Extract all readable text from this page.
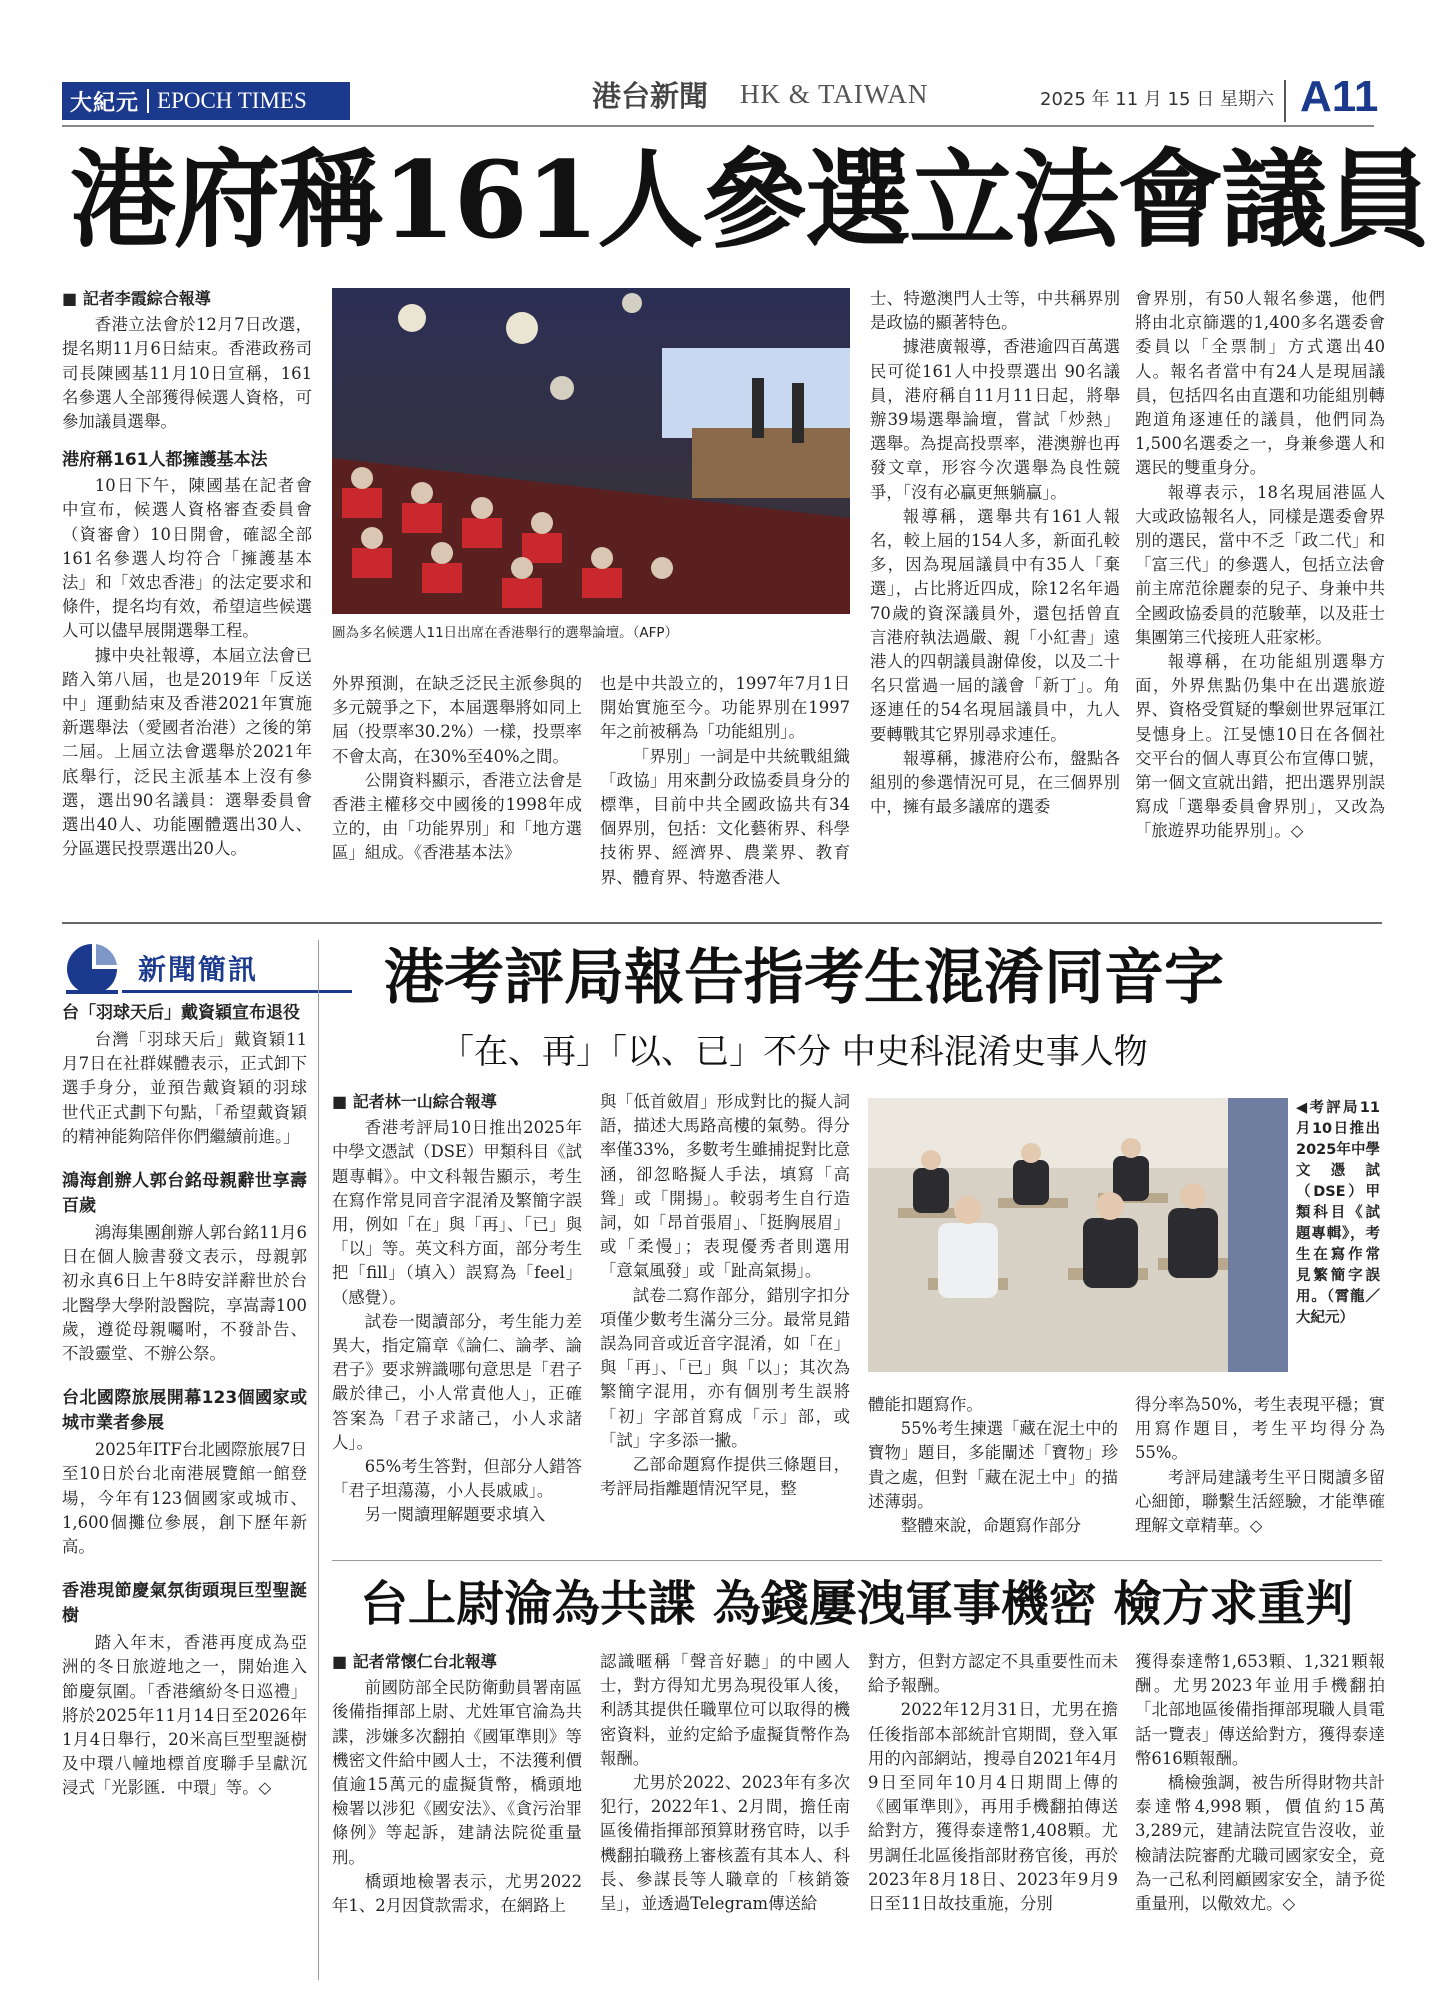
大紀元 EPOCH TIMES	港台新聞 HK & TAIWAN	2025 年 11 月 15 日 星期六 A11
港府稱161人參選立法會議員
■ 記者李霞綜合報導

香港立法會於12月7日改選，提名期11月6日結束。香港政務司司長陳國基11月10日宣稱，161名參選人全部獲得候選人資格，可參加議員選舉。

港府稱161人都擁護基本法

10日下午，陳國基在記者會中宣布，候選人資格審查委員會（資審會）10日開會，確認全部161名參選人均符合「擁護基本法」和「效忠香港」的法定要求和條件，提名均有效，希望這些候選人可以儘早展開選舉工程。

據中央社報導，本屆立法會已踏入第八屆，也是2019年「反送中」運動結束及香港2021年實施新選舉法（愛國者治港）之後的第二屆。上屆立法會選舉於2021年底舉行，泛民主派基本上沒有參選，選出90名議員：選舉委員會選出40人、功能團體選出30人、分區選民投票選出20人。

圖為多名候選人11日出席在香港舉行的選舉論壇。（AFP）

外界預測，在缺乏泛民主派參與的多元競爭之下，本屆選舉將如同上屆（投票率30.2%）一樣，投票率不會太高，在30%至40%之間。

公開資料顯示，香港立法會是香港主權移交中國後的1998年成立的，由「功能界別」和「地方選區」組成。《香港基本法》

也是中共設立的，1997年7月1日開始實施至今。功能界別在1997年之前被稱為「功能組別」。

「界別」一詞是中共統戰組織「政協」用來劃分政協委員身分的標準，目前中共全國政協共有34個界別，包括：文化藝術界、科學技術界、經濟界、農業界、教育界、體育界、特邀香港人

士、特邀澳門人士等，中共稱界別是政協的顯著特色。

據港廣報導，香港逾四百萬選民可從161人中投票選出 90名議員，港府稱自11月11日起，將舉辦39場選舉論壇，嘗試「炒熱」選舉。為提高投票率，港澳辦也再發文章，形容今次選舉為良性競爭，「沒有必贏更無躺贏」。

報導稱，選舉共有161人報名，較上屆的154人多，新面孔較多，因為現屆議員中有35人「棄選」，占比將近四成，除12名年過70歲的資深議員外，還包括曾直言港府執法過嚴、親「小紅書」遠港人的四朝議員謝偉俊，以及二十名只當過一屆的議會「新丁」。角逐連任的54名現屆議員中，九人要轉戰其它界別尋求連任。

報導稱，據港府公布，盤點各組別的參選情況可見，在三個界別中，擁有最多議席的選委

會界別，有50人報名參選，他們將由北京篩選的1,400多名選委會委員以「全票制」方式選出40人。報名者當中有24人是現屆議員，包括四名由直選和功能組別轉跑道角逐連任的議員，他們同為1,500名選委之一，身兼參選人和選民的雙重身分。

報導表示，18名現屆港區人大或政協報名人，同樣是選委會界別的選民，當中不乏「政二代」和「富三代」的參選人，包括立法會前主席范徐麗泰的兒子、身兼中共全國政協委員的范駿華，以及莊士集團第三代接班人莊家彬。

報導稱，在功能組別選舉方面，外界焦點仍集中在出選旅遊界、資格受質疑的擊劍世界冠軍江旻憓身上。江旻憓10日在各個社交平台的個人專頁公布宣傳口號，第一個文宣就出錯，把出選界別誤寫成「選舉委員會界別」，又改為「旅遊界功能界別」。◇

新聞簡訊
台「羽球天后」戴資穎宣布退役

台灣「羽球天后」戴資穎11月7日在社群媒體表示，正式卸下選手身分，並預告戴資穎的羽球世代正式劃下句點，「希望戴資穎的精神能夠陪伴你們繼續前進。」

鴻海創辦人郭台銘母親辭世享壽百歲

鴻海集團創辦人郭台銘11月6日在個人臉書發文表示，母親郭初永真6日上午8時安詳辭世於台北醫學大學附設醫院，享嵩壽100歲，遵從母親囑咐，不發訃告、不設靈堂、不辦公祭。

台北國際旅展開幕123個國家或城市業者參展

2025年ITF台北國際旅展7日至10日於台北南港展覽館一館登場，今年有123個國家或城市、1,600個攤位參展，創下歷年新高。

香港現節慶氣氛街頭現巨型聖誕樹

踏入年末，香港再度成為亞洲的冬日旅遊地之一，開始進入節慶氛圍。「香港繽紛冬日巡禮」將於2025年11月14日至2026年1月4日舉行，20米高巨型聖誕樹及中環八幢地標首度聯手呈獻沉浸式「光影匯．中環」等。◇

港考評局報告指考生混淆同音字
「在、再」「以、已」不分 中史科混淆史事人物
■ 記者林一山綜合報導

香港考評局10日推出2025年中學文憑試（DSE）甲類科目《試題專輯》。中文科報告顯示，考生在寫作常見同音字混淆及繁簡字誤用，例如「在」與「再」、「已」與「以」等。英文科方面，部分考生把「fill」（填入）誤寫為「feel」（感覺）。

試卷一閱讀部分，考生能力差異大，指定篇章《論仁、論孝、論君子》要求辨識哪句意思是「君子嚴於律己，小人常責他人」，正確答案為「君子求諸己，小人求諸人」。

65%考生答對，但部分人錯答「君子坦蕩蕩，小人長戚戚」。

另一閱讀理解題要求填入

與「低首斂眉」形成對比的擬人詞語，描述大馬路高樓的氣勢。得分率僅33%，多數考生雖捕捉對比意涵，卻忽略擬人手法，填寫「高聳」或「開揚」。較弱考生自行造詞，如「昂首張眉」、「挺胸展眉」或「柔慢」；表現優秀者則選用「意氣風發」或「趾高氣揚」。

試卷二寫作部分，錯別字扣分項僅少數考生滿分三分。最常見錯誤為同音或近音字混淆，如「在」與「再」、「已」與「以」；其次為繁簡字混用，亦有個別考生誤將「初」字部首寫成「示」部，或「試」字多添一撇。

乙部命題寫作提供三條題目，考評局指離題情況罕見，整

◀考評局11月10日推出2025年中學文憑試（DSE）甲類科目《試題專輯》，考生在寫作常見繁簡字誤用。（霄龍／大紀元）

體能扣題寫作。

55%考生揀選「藏在泥土中的寶物」題目，多能闡述「寶物」珍貴之處，但對「藏在泥土中」的描述薄弱。

整體來說，命題寫作部分

得分率為50%，考生表現平穩；實用寫作題目，考生平均得分為55%。

考評局建議考生平日閱讀多留心細節，聯繫生活經驗，才能準確理解文章精華。◇

台上尉淪為共諜 為錢屢洩軍事機密 檢方求重判
■ 記者常懷仁台北報導

前國防部全民防衛動員署南區後備指揮部上尉、尤姓軍官淪為共諜，涉嫌多次翻拍《國軍準則》等機密文件給中國人士，不法獲利價值逾15萬元的虛擬貨幣，橋頭地檢署以涉犯《國安法》、《貪污治罪條例》等起訴，建請法院從重量刑。

橋頭地檢署表示，尤男2022年1、2月因貸款需求，在網路上

認識暱稱「聲音好聽」的中國人士，對方得知尤男為現役軍人後，利誘其提供任職單位可以取得的機密資料，並約定給予虛擬貨幣作為報酬。

尤男於2022、2023年有多次犯行，2022年1、2月間，擔任南區後備指揮部預算財務官時，以手機翻拍職務上審核蓋有其本人、科長、參謀長等人職章的「核銷簽呈」，並透過Telegram傳送給

對方，但對方認定不具重要性而未給予報酬。

2022年12月31日，尤男在擔任後指部本部統計官期間，登入軍用的內部網站，搜尋自2021年4月9日至同年10月4日期間上傳的《國軍準則》，再用手機翻拍傳送給對方，獲得泰達幣1,408顆。尤男調任北區後指部財務官後，再於2023年8月18日、2023年9月9日至11日故技重施，分別

獲得泰達幣1,653顆、1,321顆報酬。尤男2023年並用手機翻拍「北部地區後備指揮部現職人員電話一覽表」傳送給對方，獲得泰達幣616顆報酬。

橋檢強調，被告所得財物共計泰達幣4,998顆，價值約15萬3,289元，建請法院宣告沒收，並檢請法院審酌尤職司國家安全，竟為一己私利罔顧國家安全，請予從重量刑，以儆效尤。◇
